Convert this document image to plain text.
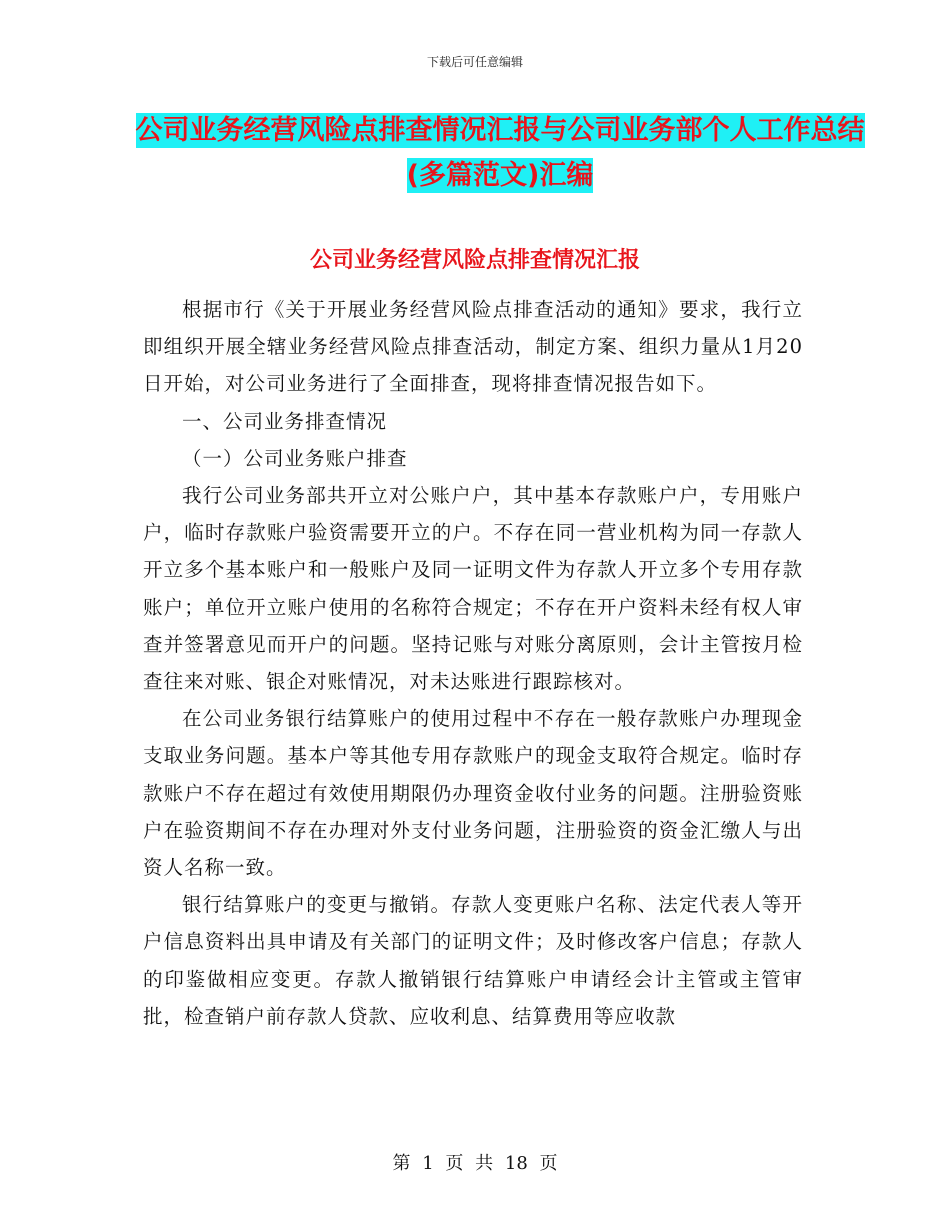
下载后可任意编辑
公司业务经营风险点排查情况汇报与公司业务部个人工作总结(多篇范文)汇编
公司业务经营风险点排查情况汇报

根据市行《关于开展业务经营风险点排查活动的通知》要求，我行立即组织开展全辖业务经营风险点排查活动，制定方案、组织力量从1月20日开始，对公司业务进行了全面排查，现将排查情况报告如下。

一、公司业务排查情况

（一）公司业务账户排查

我行公司业务部共开立对公账户户，其中基本存款账户户，专用账户户，临时存款账户验资需要开立的户。不存在同一营业机构为同一存款人开立多个基本账户和一般账户及同一证明文件为存款人开立多个专用存款账户；单位开立账户使用的名称符合规定；不存在开户资料未经有权人审查并签署意见而开户的问题。坚持记账与对账分离原则，会计主管按月检查往来对账、银企对账情况，对未达账进行跟踪核对。

在公司业务银行结算账户的使用过程中不存在一般存款账户办理现金支取业务问题。基本户等其他专用存款账户的现金支取符合规定。临时存款账户不存在超过有效使用期限仍办理资金收付业务的问题。注册验资账户在验资期间不存在办理对外支付业务问题，注册验资的资金汇缴人与出资人名称一致。

银行结算账户的变更与撤销。存款人变更账户名称、法定代表人等开户信息资料出具申请及有关部门的证明文件；及时修改客户信息；存款人的印鉴做相应变更。存款人撤销银行结算账户申请经会计主管或主管审批，检查销户前存款人贷款、应收利息、结算费用等应收款

第 1 页 共 18 页
